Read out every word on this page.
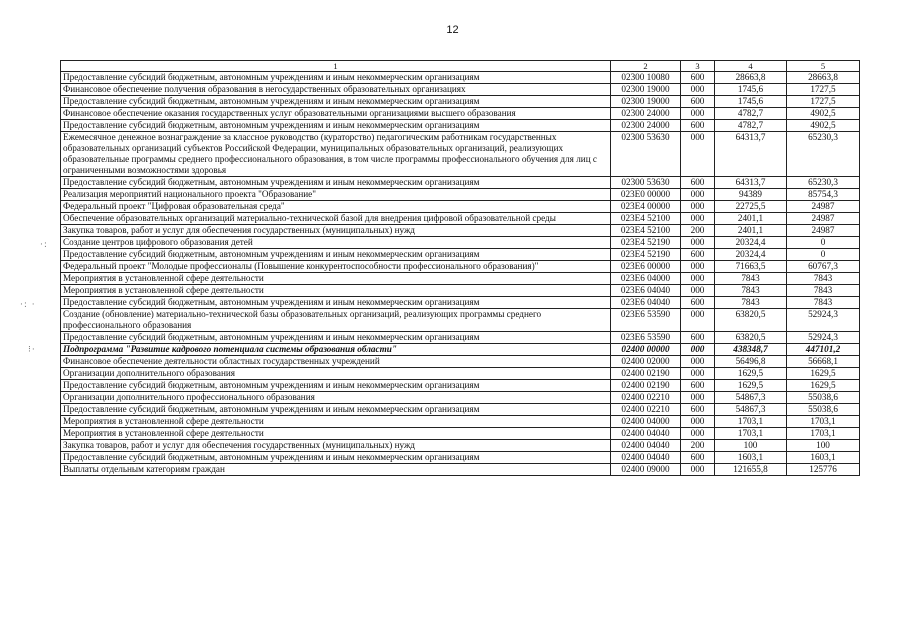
12
·:
·: ·
⁝·
1	2	3	4	5
Предоставление субсидий бюджетным, автономным учреждениям и иным некоммерческим организациям	02300 10080	600	28663,8	28663,8
Финансовое обеспечение получения образования в негосударственных образовательных организациях	02300 19000	000	1745,6	1727,5
Предоставление субсидий бюджетным, автономным учреждениям и иным некоммерческим организациям	02300 19000	600	1745,6	1727,5
Финансовое обеспечение оказания государственных услуг образовательными организациями высшего образования	02300 24000	000	4782,7	4902,5
Предоставление субсидий бюджетным, автономным учреждениям и иным некоммерческим организациям	02300 24000	600	4782,7	4902,5
Ежемесячное денежное вознаграждение за классное руководство (кураторство) педагогическим работникам государственных образовательных организаций субъектов Российской Федерации, муниципальных образовательных организаций, реализующих образовательные программы среднего профессионального образования, в том числе программы профессионального обучения для лиц с ограниченными возможностями здоровья	02300 53630	000	64313,7	65230,3
Предоставление субсидий бюджетным, автономным учреждениям и иным некоммерческим организациям	02300 53630	600	64313,7	65230,3
Реализация мероприятий национального проекта "Образование"	023Е0 00000	000	94389	85754,3
Федеральный проект "Цифровая образовательная среда"	023Е4 00000	000	22725,5	24987
Обеспечение образовательных организаций материально-технической базой для внедрения цифровой образовательной среды	023Е4 52100	000	2401,1	24987
Закупка товаров, работ и услуг для обеспечения государственных (муниципальных) нужд	023Е4 52100	200	2401,1	24987
Создание центров цифрового образования детей	023Е4 52190	000	20324,4	0
Предоставление субсидий бюджетным, автономным учреждениям и иным некоммерческим организациям	023Е4 52190	600	20324,4	0
Федеральный проект "Молодые профессионалы (Повышение конкурентоспособности профессионального образования)"	023Е6 00000	000	71663,5	60767,3
Мероприятия в установленной сфере деятельности	023Е6 04000	000	7843	7843
Мероприятия в установленной сфере деятельности	023Е6 04040	000	7843	7843
Предоставление субсидий бюджетным, автономным учреждениям и иным некоммерческим организациям	023Е6 04040	600	7843	7843
Создание (обновление) материально-технической базы образовательных организаций, реализующих программы среднего профессионального образования	023Е6 53590	000	63820,5	52924,3
Предоставление субсидий бюджетным, автономным учреждениям и иным некоммерческим организациям	023Е6 53590	600	63820,5	52924,3
Подпрограмма "Развитие кадрового потенциала системы образования области"	02400 00000	000	438348,7	447101,2
Финансовое обеспечение деятельности областных государственных учреждений	02400 02000	000	56496,8	56668,1
Организации дополнительного образования	02400 02190	000	1629,5	1629,5
Предоставление субсидий бюджетным, автономным учреждениям и иным некоммерческим организациям	02400 02190	600	1629,5	1629,5
Организации дополнительного профессионального образования	02400 02210	000	54867,3	55038,6
Предоставление субсидий бюджетным, автономным учреждениям и иным некоммерческим организациям	02400 02210	600	54867,3	55038,6
Мероприятия в установленной сфере деятельности	02400 04000	000	1703,1	1703,1
Мероприятия в установленной сфере деятельности	02400 04040	000	1703,1	1703,1
Закупка товаров, работ и услуг для обеспечения государственных (муниципальных) нужд	02400 04040	200	100	100
Предоставление субсидий бюджетным, автономным учреждениям и иным некоммерческим организациям	02400 04040	600	1603,1	1603,1
Выплаты отдельным категориям граждан	02400 09000	000	121655,8	125776
